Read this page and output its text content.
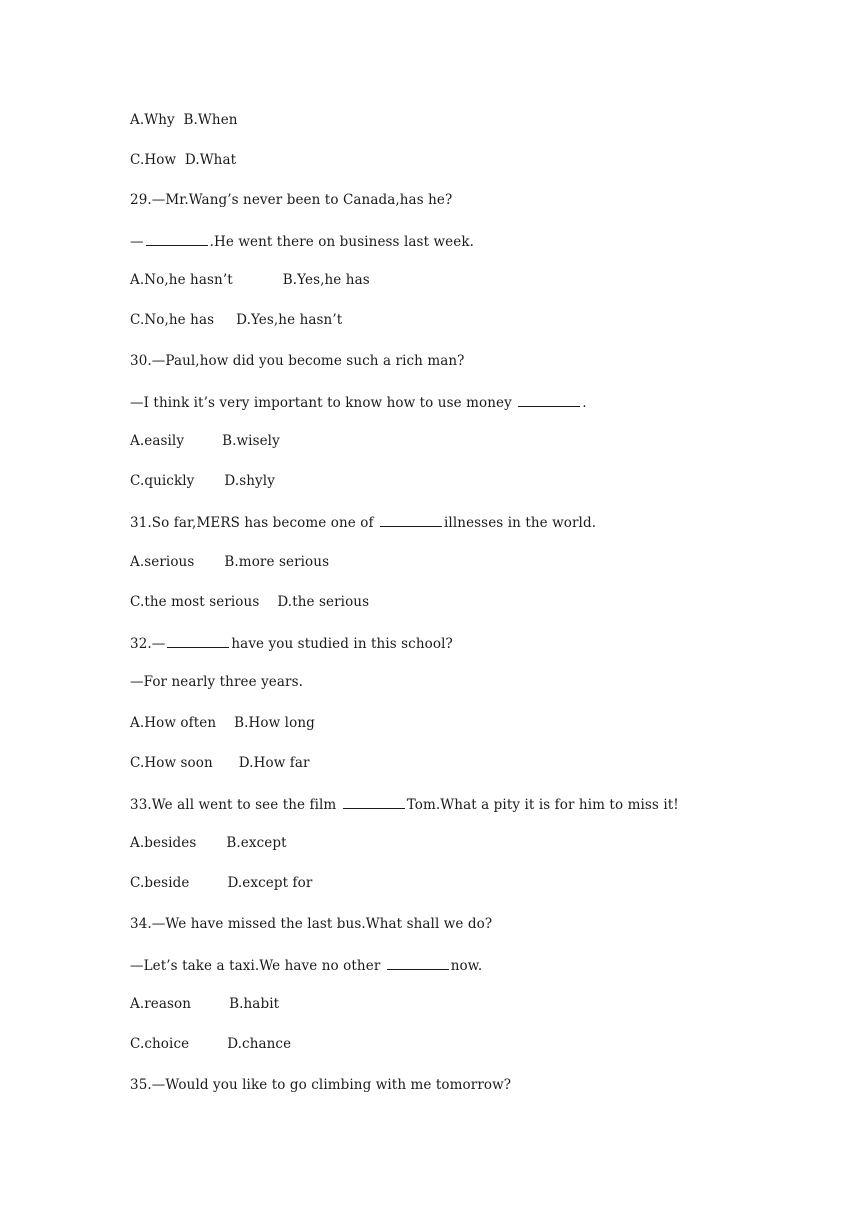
A.Why  B.When
C.How  D.What
29.—Mr.Wang’s never been to Canada,has he?
—	.He went there on business last week.
A.No,he hasn’t	B.Yes,he has
C.No,he has D.Yes,he hasn’t
30.—Paul,how did you become such a rich man?
—I think it’s very important to know how to use money	.
A.easily	B.wisely
C.quickly D.shyly
31.So far,MERS has become one of	illnesses in the world.
A.serious B.more serious
C.the most serious D.the serious
32.—	have you studied in this school?
—For nearly three years.
A.How often B.How long
C.How soon D.How far
33.We all went to see the film	Tom.What a pity it is for him to miss it!
A.besides B.except
C.beside	D.except for
34.—We have missed the last bus.What shall we do?
—Let’s take a taxi.We have no other	now.
A.reason	B.habit
C.choice	D.chance
35.—Would you like to go climbing with me tomorrow?
